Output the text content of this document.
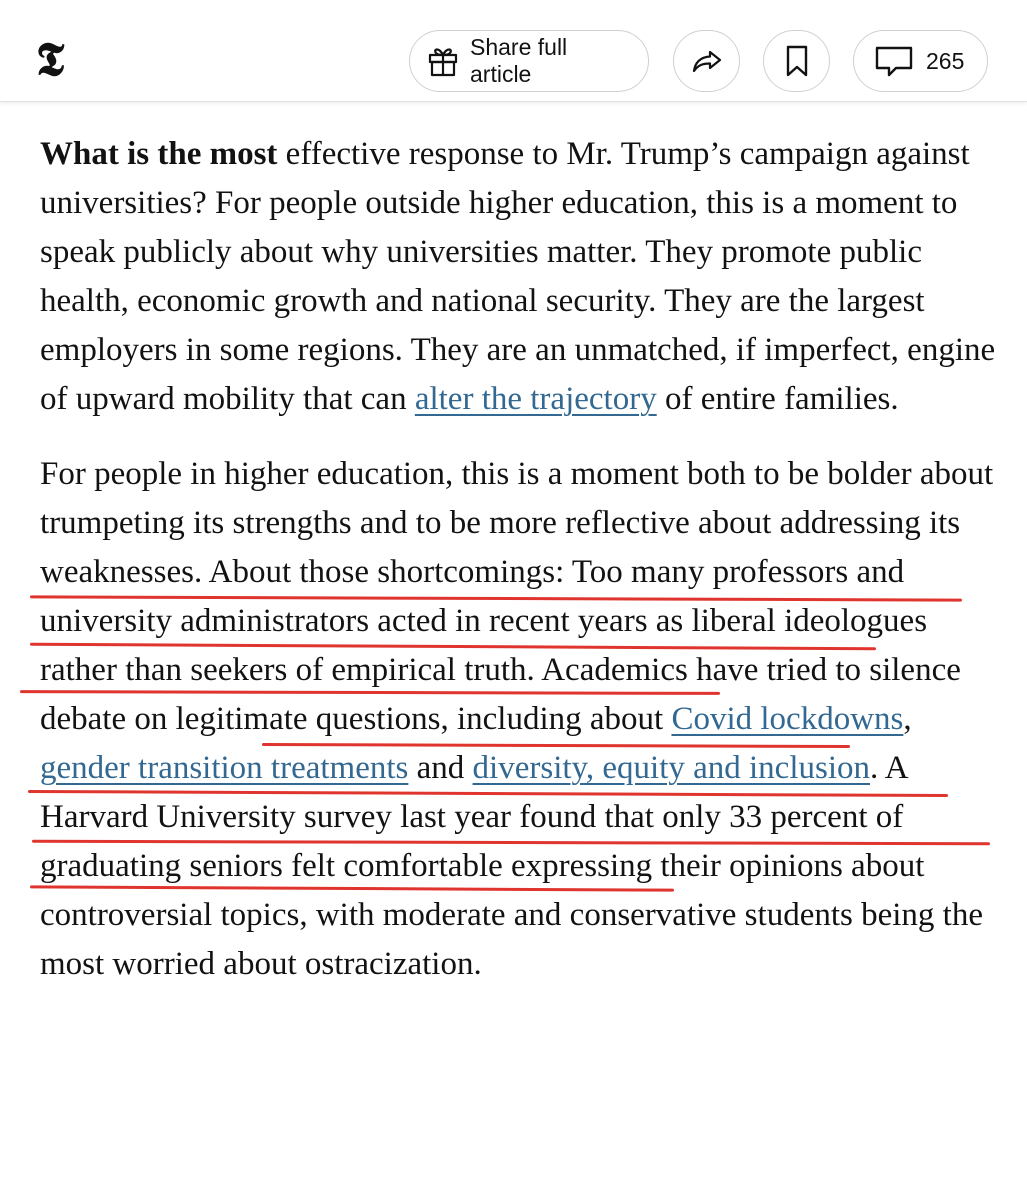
𝕿	Share full article
265

What is the most effective response to Mr. Trump’s campaign against universities? For people outside higher education, this is a moment to speak publicly about why universities matter. They promote public health, economic growth and national security. They are the largest employers in some regions. They are an unmatched, if imperfect, engine of upward mobility that can alter the trajectory of entire families.

For people in higher education, this is a moment both to be bolder about trumpeting its strengths and to be more reflective about addressing its weaknesses. About those shortcomings: Too many professors and university administrators acted in recent years as liberal ideologues rather than seekers of empirical truth. Academics have tried to silence debate on legitimate questions, including about Covid lockdowns, gender transition treatments and diversity, equity and inclusion. A Harvard University survey last year found that only 33 percent of graduating seniors felt comfortable expressing their opinions about controversial topics, with moderate and conservative students being the most worried about ostracization.
